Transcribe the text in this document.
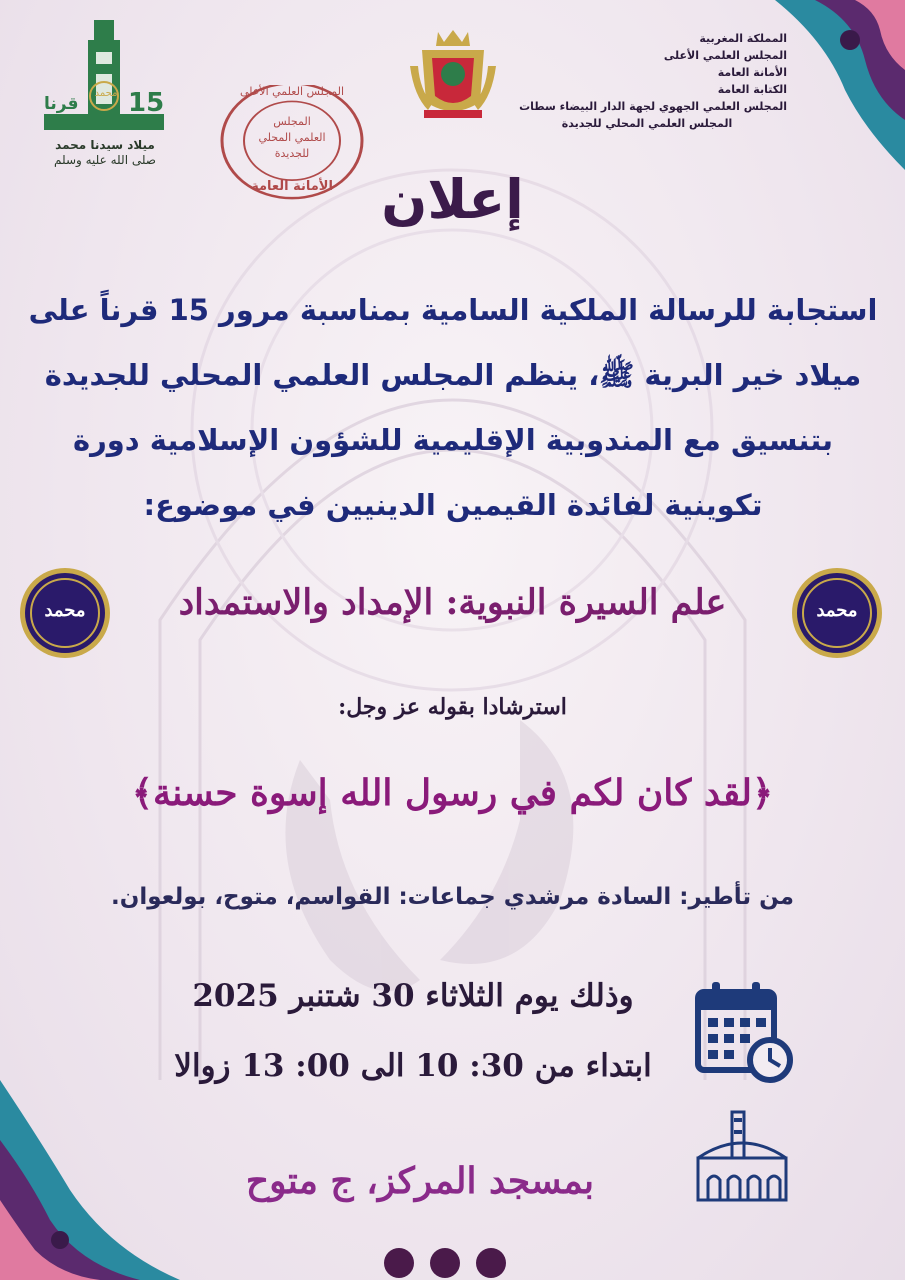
15
قرنا
محمد
ميلاد سيدنا محمد
صلى الله عليه وسلم
المجلس العلمي الأعلى
المجلس
العلمي المحلي
للجديدة
الأمانة العامة
المملكة المغربية
المجلس العلمي الأعلى
الأمانة العامة
الكتابة العامة
المجلس العلمي الجهوي لجهة الدار البيضاء سطات
المجلس العلمي المحلي للجديدة
إعلان
استجابة للرسالة الملكية السامية بمناسبة مرور 15 قرناً على
ميلاد خير البرية ﷺ، ينظم المجلس العلمي المحلي للجديدة
بتنسيق مع المندوبية الإقليمية للشؤون الإسلامية دورة
تكوينية لفائدة القيمين الدينيين في موضوع:
محمد	محمد
علم السيرة النبوية: الإمداد والاستمداد
استرشادا بقوله عز وجل:
﴿لقد كان لكم في رسول الله إسوة حسنة﴾
من تأطير: السادة مرشدي جماعات: القواسم، متوح، بولعوان.
وذلك يوم الثلاثاء 30 شتنبر 2025
ابتداء من 30: 10 الى 00: 13 زوالا
بمسجد المركز، ج متوح
